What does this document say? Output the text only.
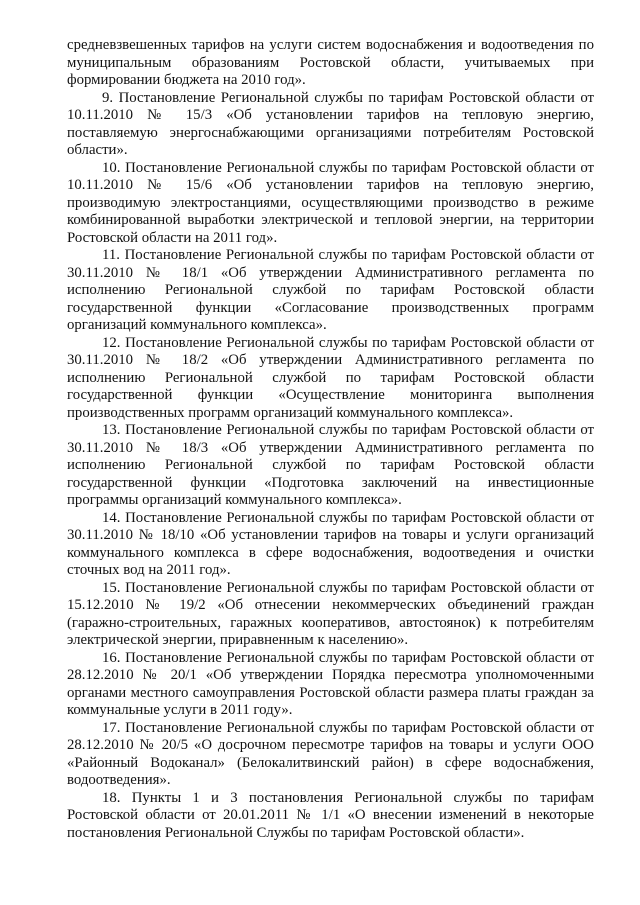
средневзвешенных тарифов на услуги систем водоснабжения и водоотведения по муниципальным образованиям Ростовской области, учитываемых при формировании бюджета на 2010 год».

9. Постановление Региональной службы по тарифам Ростовской области от 10.11.2010 № 15/3 «Об установлении тарифов на тепловую энергию, поставляемую энергоснабжающими организациями потребителям Ростовской области».

10. Постановление Региональной службы по тарифам Ростовской области от 10.11.2010 № 15/6 «Об установлении тарифов на тепловую энергию, производимую электростанциями, осуществляющими производство в режиме комбинированной выработки электрической и тепловой энергии, на территории Ростовской области на 2011 год».

11. Постановление Региональной службы по тарифам Ростовской области от 30.11.2010 № 18/1 «Об утверждении Административного регламента по исполнению Региональной службой по тарифам Ростовской области государственной функции «Согласование производственных программ организаций коммунального комплекса».

12. Постановление Региональной службы по тарифам Ростовской области от 30.11.2010 № 18/2 «Об утверждении Административного регламента по исполнению Региональной службой по тарифам Ростовской области государственной функции «Осуществление мониторинга выполнения производственных программ организаций коммунального комплекса».

13. Постановление Региональной службы по тарифам Ростовской области от 30.11.2010 № 18/3 «Об утверждении Административного регламента по исполнению Региональной службой по тарифам Ростовской области государственной функции «Подготовка заключений на инвестиционные программы организаций коммунального комплекса».

14. Постановление Региональной службы по тарифам Ростовской области от 30.11.2010 № 18/10 «Об установлении тарифов на товары и услуги организаций коммунального комплекса в сфере водоснабжения, водоотведения и очистки сточных вод на 2011 год».

15. Постановление Региональной службы по тарифам Ростовской области от 15.12.2010 № 19/2 «Об отнесении некоммерческих объединений граждан (гаражно-строительных, гаражных кооперативов, автостоянок) к потребителям электрической энергии, приравненным к населению».

16. Постановление Региональной службы по тарифам Ростовской области от 28.12.2010 № 20/1 «Об утверждении Порядка пересмотра уполномоченными органами местного самоуправления Ростовской области размера платы граждан за коммунальные услуги в 2011 году».

17. Постановление Региональной службы по тарифам Ростовской области от 28.12.2010 № 20/5 «О досрочном пересмотре тарифов на товары и услуги ООО «Районный Водоканал» (Белокалитвинский район) в сфере водоснабжения, водоотведения».

18. Пункты 1 и 3 постановления Региональной службы по тарифам Ростовской области от 20.01.2011 № 1/1 «О внесении изменений в некоторые постановления Региональной Службы по тарифам Ростовской области».
